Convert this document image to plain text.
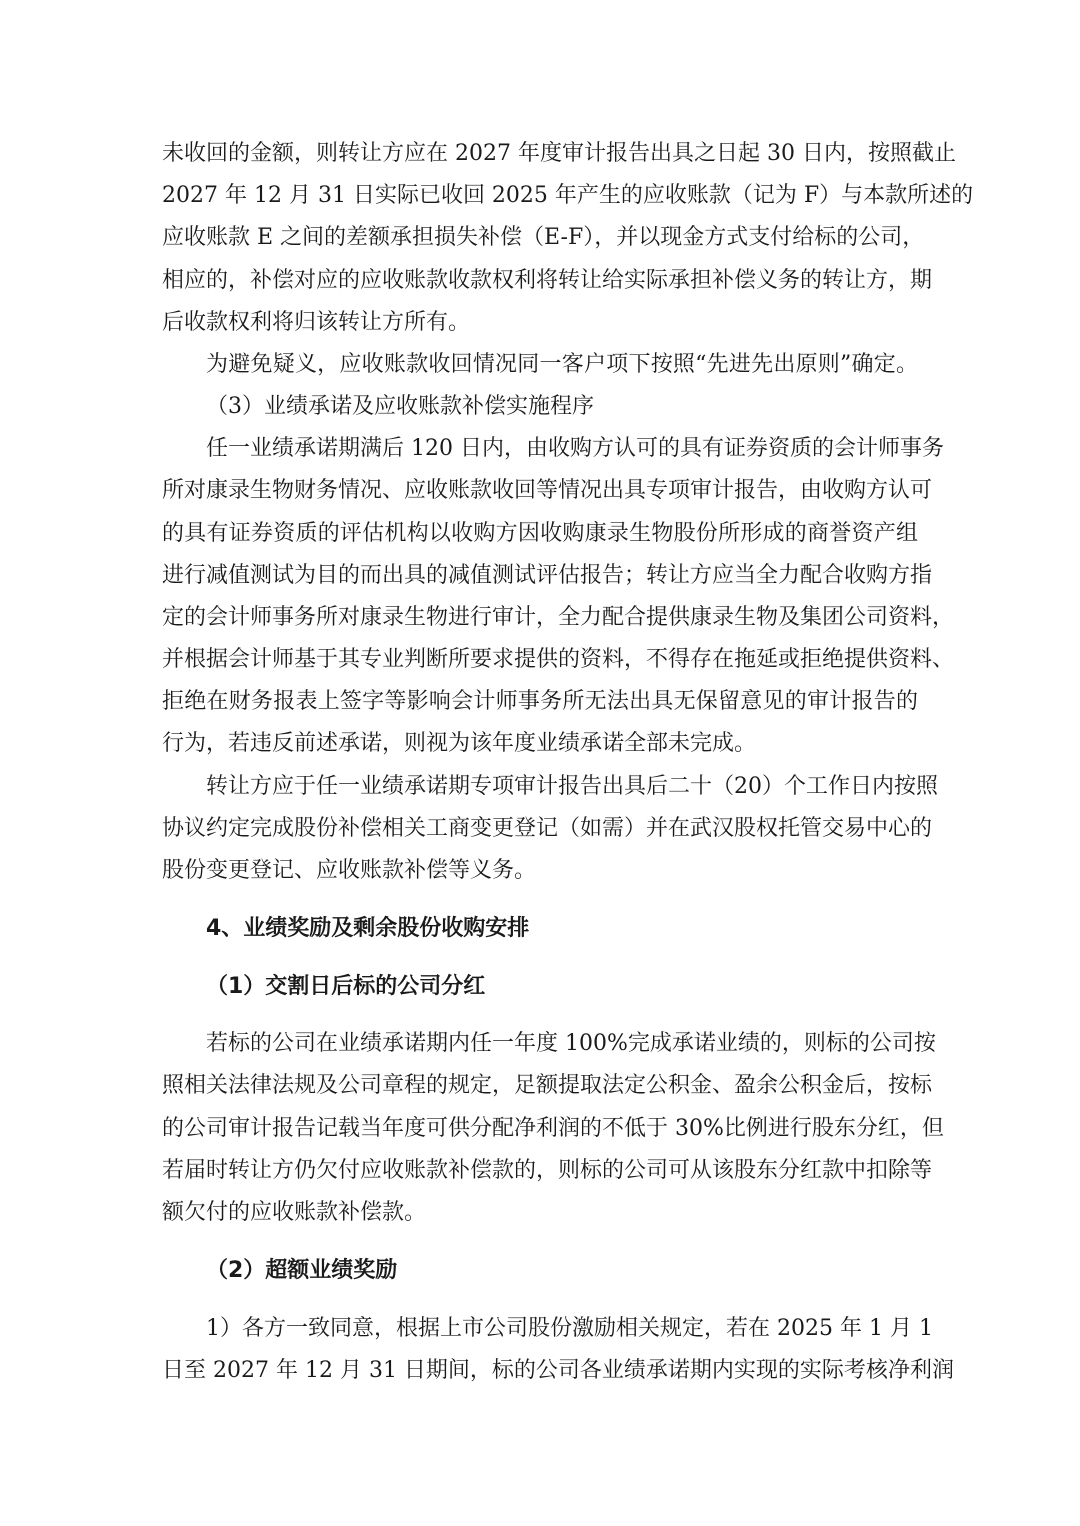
未收回的金额，则转让方应在 2027 年度审计报告出具之日起 30 日内，按照截止
2027 年 12 月 31 日实际已收回 2025 年产生的应收账款（记为 F）与本款所述的
应收账款 E 之间的差额承担损失补偿（E-F），并以现金方式支付给标的公司，
相应的，补偿对应的应收账款收款权利将转让给实际承担补偿义务的转让方，期
后收款权利将归该转让方所有。
为避免疑义，应收账款收回情况同一客户项下按照“先进先出原则”确定。
（3）业绩承诺及应收账款补偿实施程序
任一业绩承诺期满后 120 日内，由收购方认可的具有证券资质的会计师事务
所对康录生物财务情况、应收账款收回等情况出具专项审计报告，由收购方认可
的具有证券资质的评估机构以收购方因收购康录生物股份所形成的商誉资产组
进行减值测试为目的而出具的减值测试评估报告；转让方应当全力配合收购方指
定的会计师事务所对康录生物进行审计，全力配合提供康录生物及集团公司资料，
并根据会计师基于其专业判断所要求提供的资料，不得存在拖延或拒绝提供资料、
拒绝在财务报表上签字等影响会计师事务所无法出具无保留意见的审计报告的
行为，若违反前述承诺，则视为该年度业绩承诺全部未完成。
转让方应于任一业绩承诺期专项审计报告出具后二十（20）个工作日内按照
协议约定完成股份补偿相关工商变更登记（如需）并在武汉股权托管交易中心的
股份变更登记、应收账款补偿等义务。
4、业绩奖励及剩余股份收购安排
（1）交割日后标的公司分红
若标的公司在业绩承诺期内任一年度 100%完成承诺业绩的，则标的公司按
照相关法律法规及公司章程的规定，足额提取法定公积金、盈余公积金后，按标
的公司审计报告记载当年度可供分配净利润的不低于 30%比例进行股东分红，但
若届时转让方仍欠付应收账款补偿款的，则标的公司可从该股东分红款中扣除等
额欠付的应收账款补偿款。
（2）超额业绩奖励
1）各方一致同意，根据上市公司股份激励相关规定，若在 2025 年 1 月 1
日至 2027 年 12 月 31 日期间，标的公司各业绩承诺期内实现的实际考核净利润
